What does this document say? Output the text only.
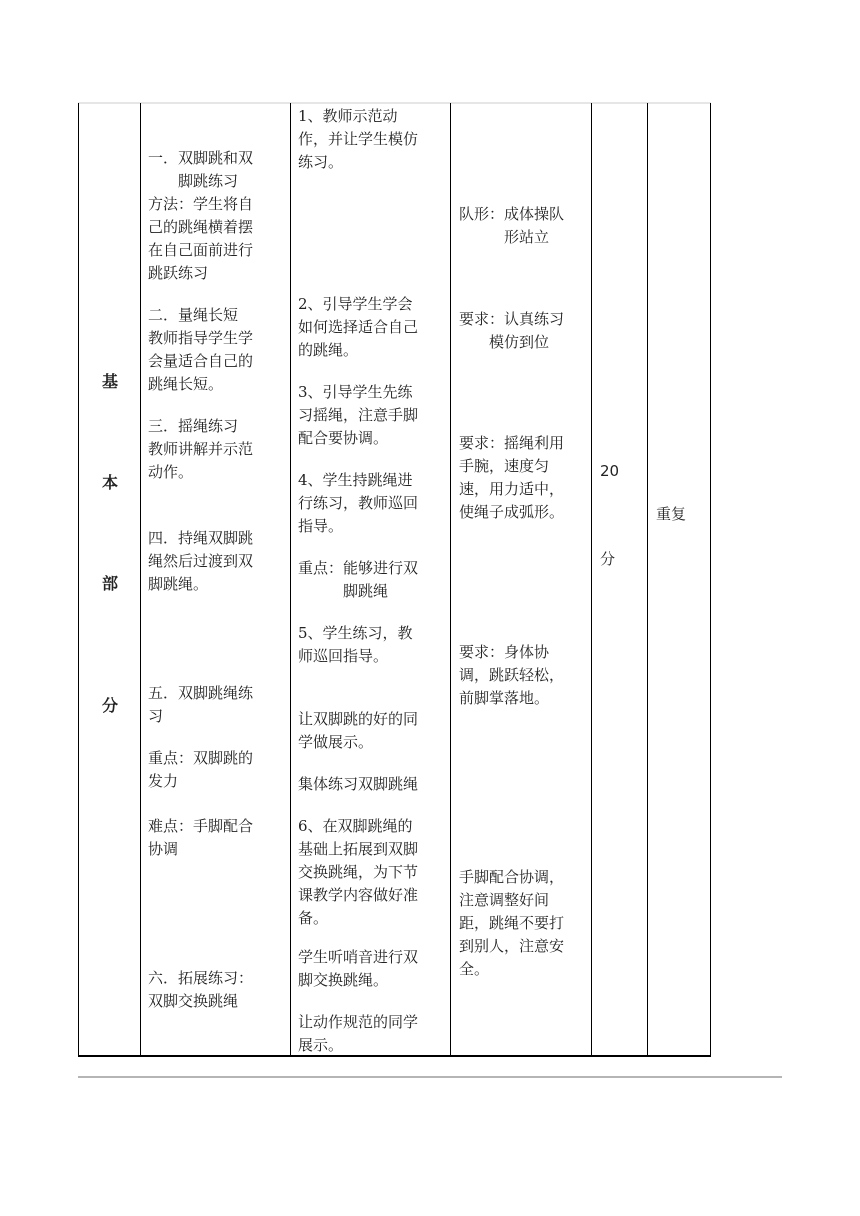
基
本
部
分
一．双脚跳和双
　　脚跳练习
方法：学生将自
己的跳绳横着摆
在自己面前进行
跳跃练习
二．量绳长短
教师指导学生学
会量适合自己的
跳绳长短。
三．摇绳练习
教师讲解并示范
动作。
四．持绳双脚跳
绳然后过渡到双
脚跳绳。
五．双脚跳绳练
习
重点：双脚跳的
发力
难点：手脚配合
协调
六．拓展练习：
双脚交换跳绳
1、教师示范动
作，并让学生模仿
练习。
2、引导学生学会
如何选择适合自己
的跳绳。
3、引导学生先练
习摇绳，注意手脚
配合要协调。
4、学生持跳绳进
行练习，教师巡回
指导。
重点：能够进行双
　　　脚跳绳
5、学生练习，教
师巡回指导。
让双脚跳的好的同
学做展示。
集体练习双脚跳绳
6、在双脚跳绳的
基础上拓展到双脚
交换跳绳，为下节
课教学内容做好准
备。
学生听哨音进行双
脚交换跳绳。
让动作规范的同学
展示。
队形：成体操队
　　　形站立
要求：认真练习
　　模仿到位
要求：摇绳利用
手腕，速度匀
速，用力适中，
使绳子成弧形。
要求：身体协
调，跳跃轻松，
前脚掌落地。
手脚配合协调，
注意调整好间
距，跳绳不要打
到别人，注意安
全。
20
分
重复
